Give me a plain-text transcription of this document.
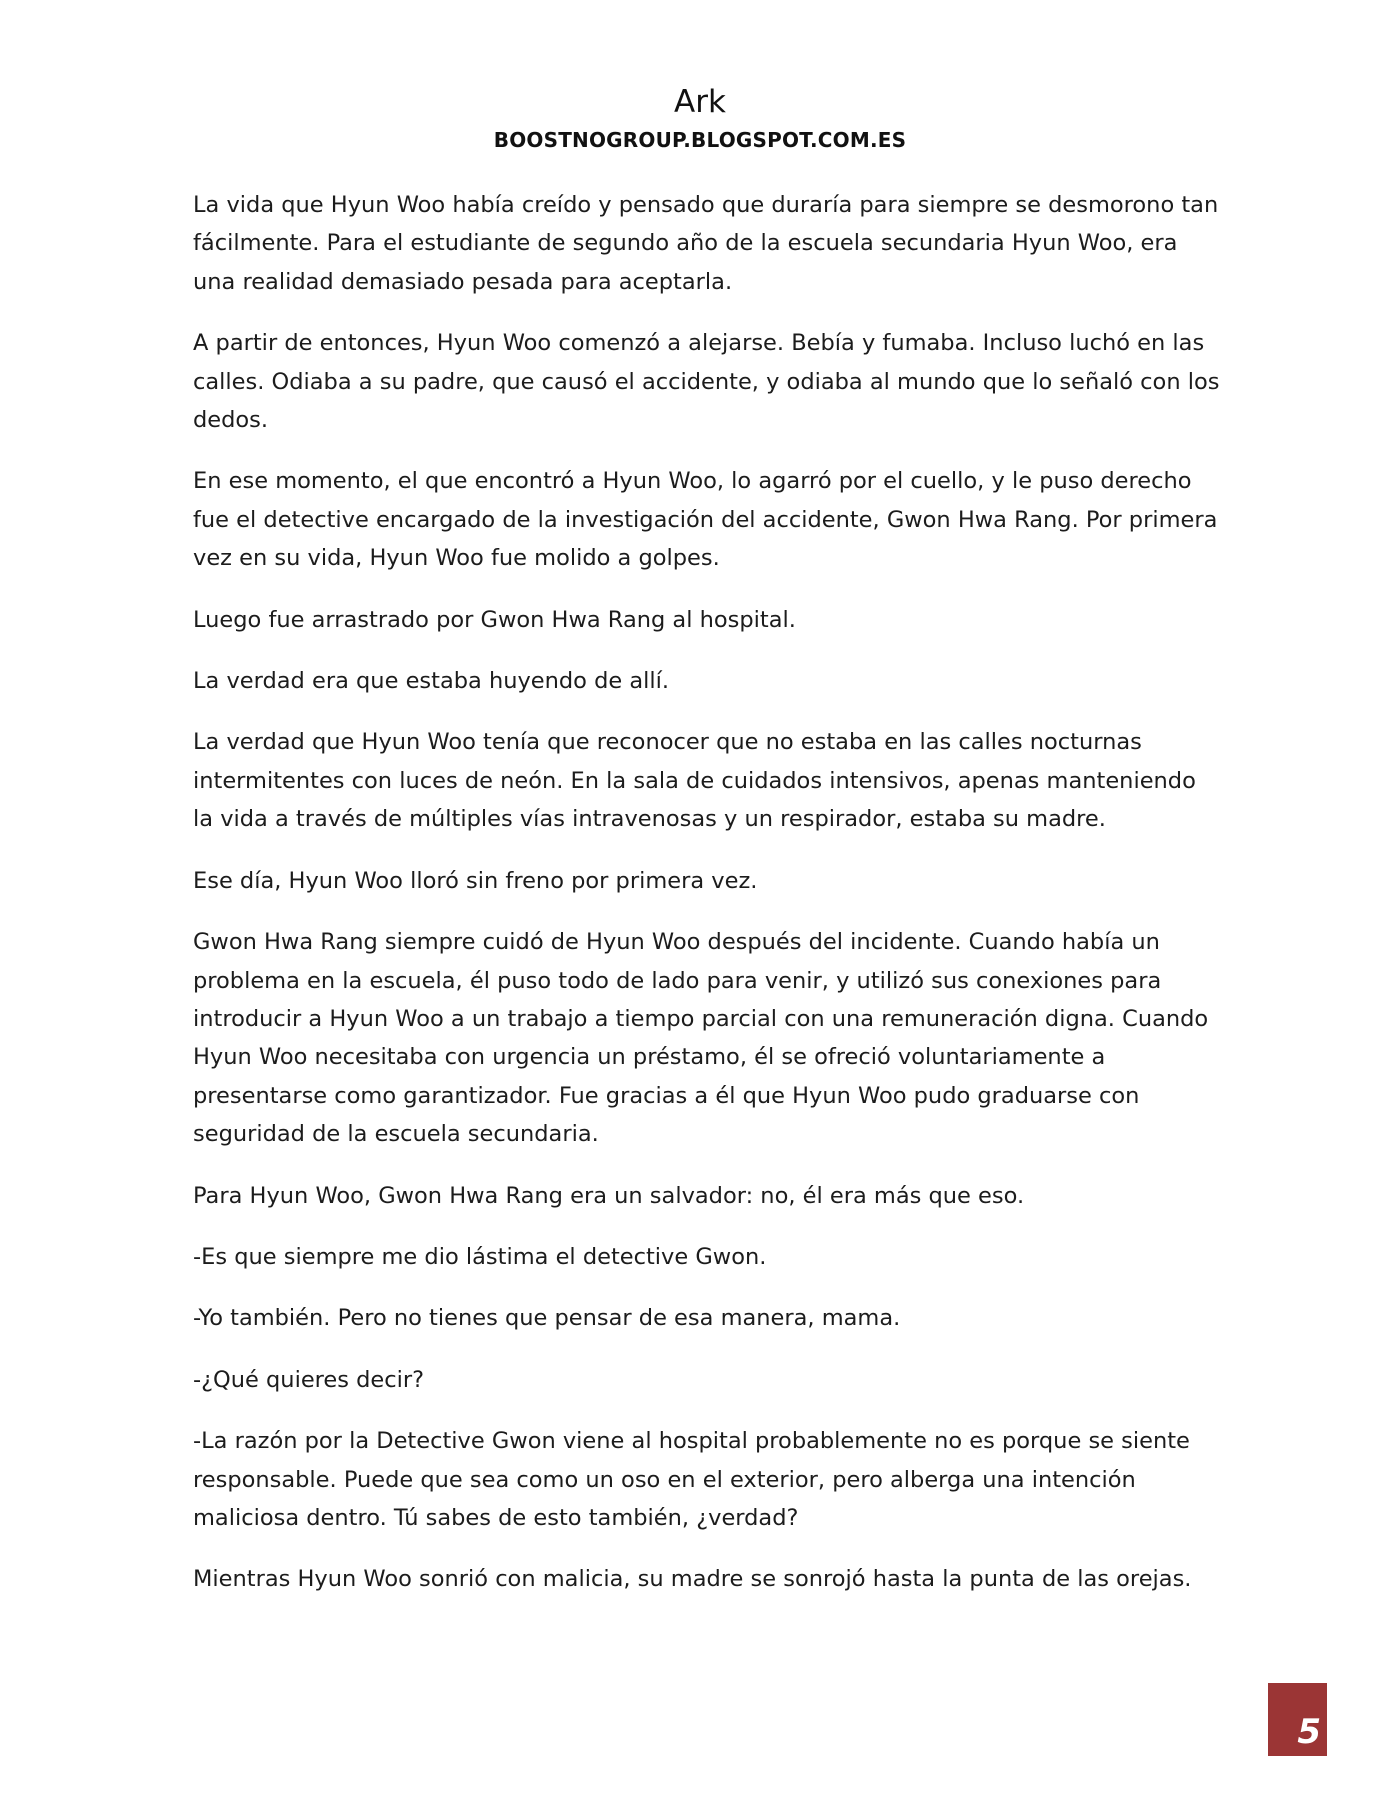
Ark

BOOSTNOGROUP.BLOGSPOT.COM.ES

La vida que Hyun Woo había creído y pensado que duraría para siempre se desmorono tan fácilmente. Para el estudiante de segundo año de la escuela secundaria Hyun Woo, era una realidad demasiado pesada para aceptarla.

A partir de entonces, Hyun Woo comenzó a alejarse. Bebía y fumaba. Incluso luchó en las calles. Odiaba a su padre, que causó el accidente, y odiaba al mundo que lo señaló con los dedos.

En ese momento, el que encontró a Hyun Woo, lo agarró por el cuello, y le puso derecho fue el detective encargado de la investigación del accidente, Gwon Hwa Rang. Por primera vez en su vida, Hyun Woo fue molido a golpes.

Luego fue arrastrado por Gwon Hwa Rang al hospital.

La verdad era que estaba huyendo de allí.

La verdad que Hyun Woo tenía que reconocer que no estaba en las calles nocturnas intermitentes con luces de neón. En la sala de cuidados intensivos, apenas manteniendo la vida a través de múltiples vías intravenosas y un respirador, estaba su madre.

Ese día, Hyun Woo lloró sin freno por primera vez.

Gwon Hwa Rang siempre cuidó de Hyun Woo después del incidente. Cuando había un problema en la escuela, él puso todo de lado para venir, y utilizó sus conexiones para introducir a Hyun Woo a un trabajo a tiempo parcial con una remuneración digna. Cuando Hyun Woo necesitaba con urgencia un préstamo, él se ofreció voluntariamente a presentarse como garantizador. Fue gracias a él que Hyun Woo pudo graduarse con seguridad de la escuela secundaria.

Para Hyun Woo, Gwon Hwa Rang era un salvador: no, él era más que eso.

-Es que siempre me dio lástima el detective Gwon.

-Yo también. Pero no tienes que pensar de esa manera, mama.

-¿Qué quieres decir?

-La razón por la Detective Gwon viene al hospital probablemente no es porque se siente responsable. Puede que sea como un oso en el exterior, pero alberga una intención maliciosa dentro. Tú sabes de esto también, ¿verdad?

Mientras Hyun Woo sonrió con malicia, su madre se sonrojó hasta la punta de las orejas.

5
